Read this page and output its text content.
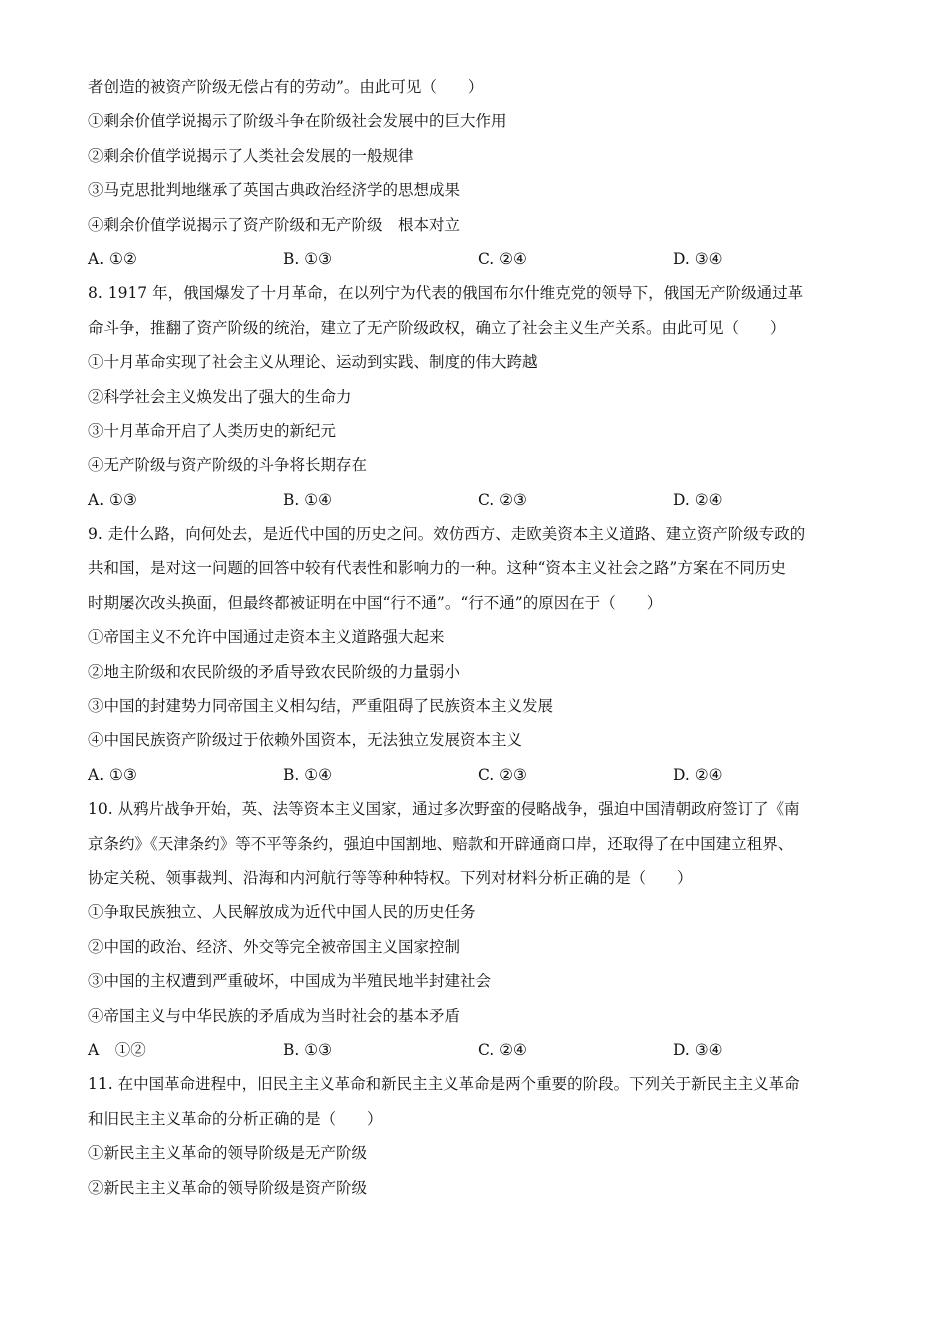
者创造的被资产阶级无偿占有的劳动”。由此可见（　　）
①剩余价值学说揭示了阶级斗争在阶级社会发展中的巨大作用
②剩余价值学说揭示了人类社会发展的一般规律
③马克思批判地继承了英国古典政治经济学的思想成果
④剩余价值学说揭示了资产阶级和无产阶级　根本对立
A. ①②	B. ①③	C. ②④	D. ③④
8. 1917 年，俄国爆发了十月革命，在以列宁为代表的俄国布尔什维克党的领导下，俄国无产阶级通过革
命斗争，推翻了资产阶级的统治，建立了无产阶级政权，确立了社会主义生产关系。由此可见（　　）
①十月革命实现了社会主义从理论、运动到实践、制度的伟大跨越
②科学社会主义焕发出了强大的生命力
③十月革命开启了人类历史的新纪元
④无产阶级与资产阶级的斗争将长期存在
A. ①③	B. ①④	C. ②③	D. ②④
9. 走什么路，向何处去，是近代中国的历史之问。效仿西方、走欧美资本主义道路、建立资产阶级专政的
共和国，是对这一问题的回答中较有代表性和影响力的一种。这种“资本主义社会之路”方案在不同历史
时期屡次改头换面，但最终都被证明在中国“行不通”。“行不通”的原因在于（　　）
①帝国主义不允许中国通过走资本主义道路强大起来
②地主阶级和农民阶级的矛盾导致农民阶级的力量弱小
③中国的封建势力同帝国主义相勾结，严重阻碍了民族资本主义发展
④中国民族资产阶级过于依赖外国资本，无法独立发展资本主义
A. ①③	B. ①④	C. ②③	D. ②④
10. 从鸦片战争开始，英、法等资本主义国家，通过多次野蛮的侵略战争，强迫中国清朝政府签订了《南
京条约》《天津条约》等不平等条约，强迫中国割地、赔款和开辟通商口岸，还取得了在中国建立租界、
协定关税、领事裁判、沿海和内河航行等等种种特权。下列对材料分析正确的是（　　）
①争取民族独立、人民解放成为近代中国人民的历史任务
②中国的政治、经济、外交等完全被帝国主义国家控制
③中国的主权遭到严重破坏，中国成为半殖民地半封建社会
④帝国主义与中华民族的矛盾成为当时社会的基本矛盾
A　①②	B. ①③	C. ②④	D. ③④
11. 在中国革命进程中，旧民主主义革命和新民主主义革命是两个重要的阶段。下列关于新民主主义革命
和旧民主主义革命的分析正确的是（　　）
①新民主主义革命的领导阶级是无产阶级
②新民主主义革命的领导阶级是资产阶级
